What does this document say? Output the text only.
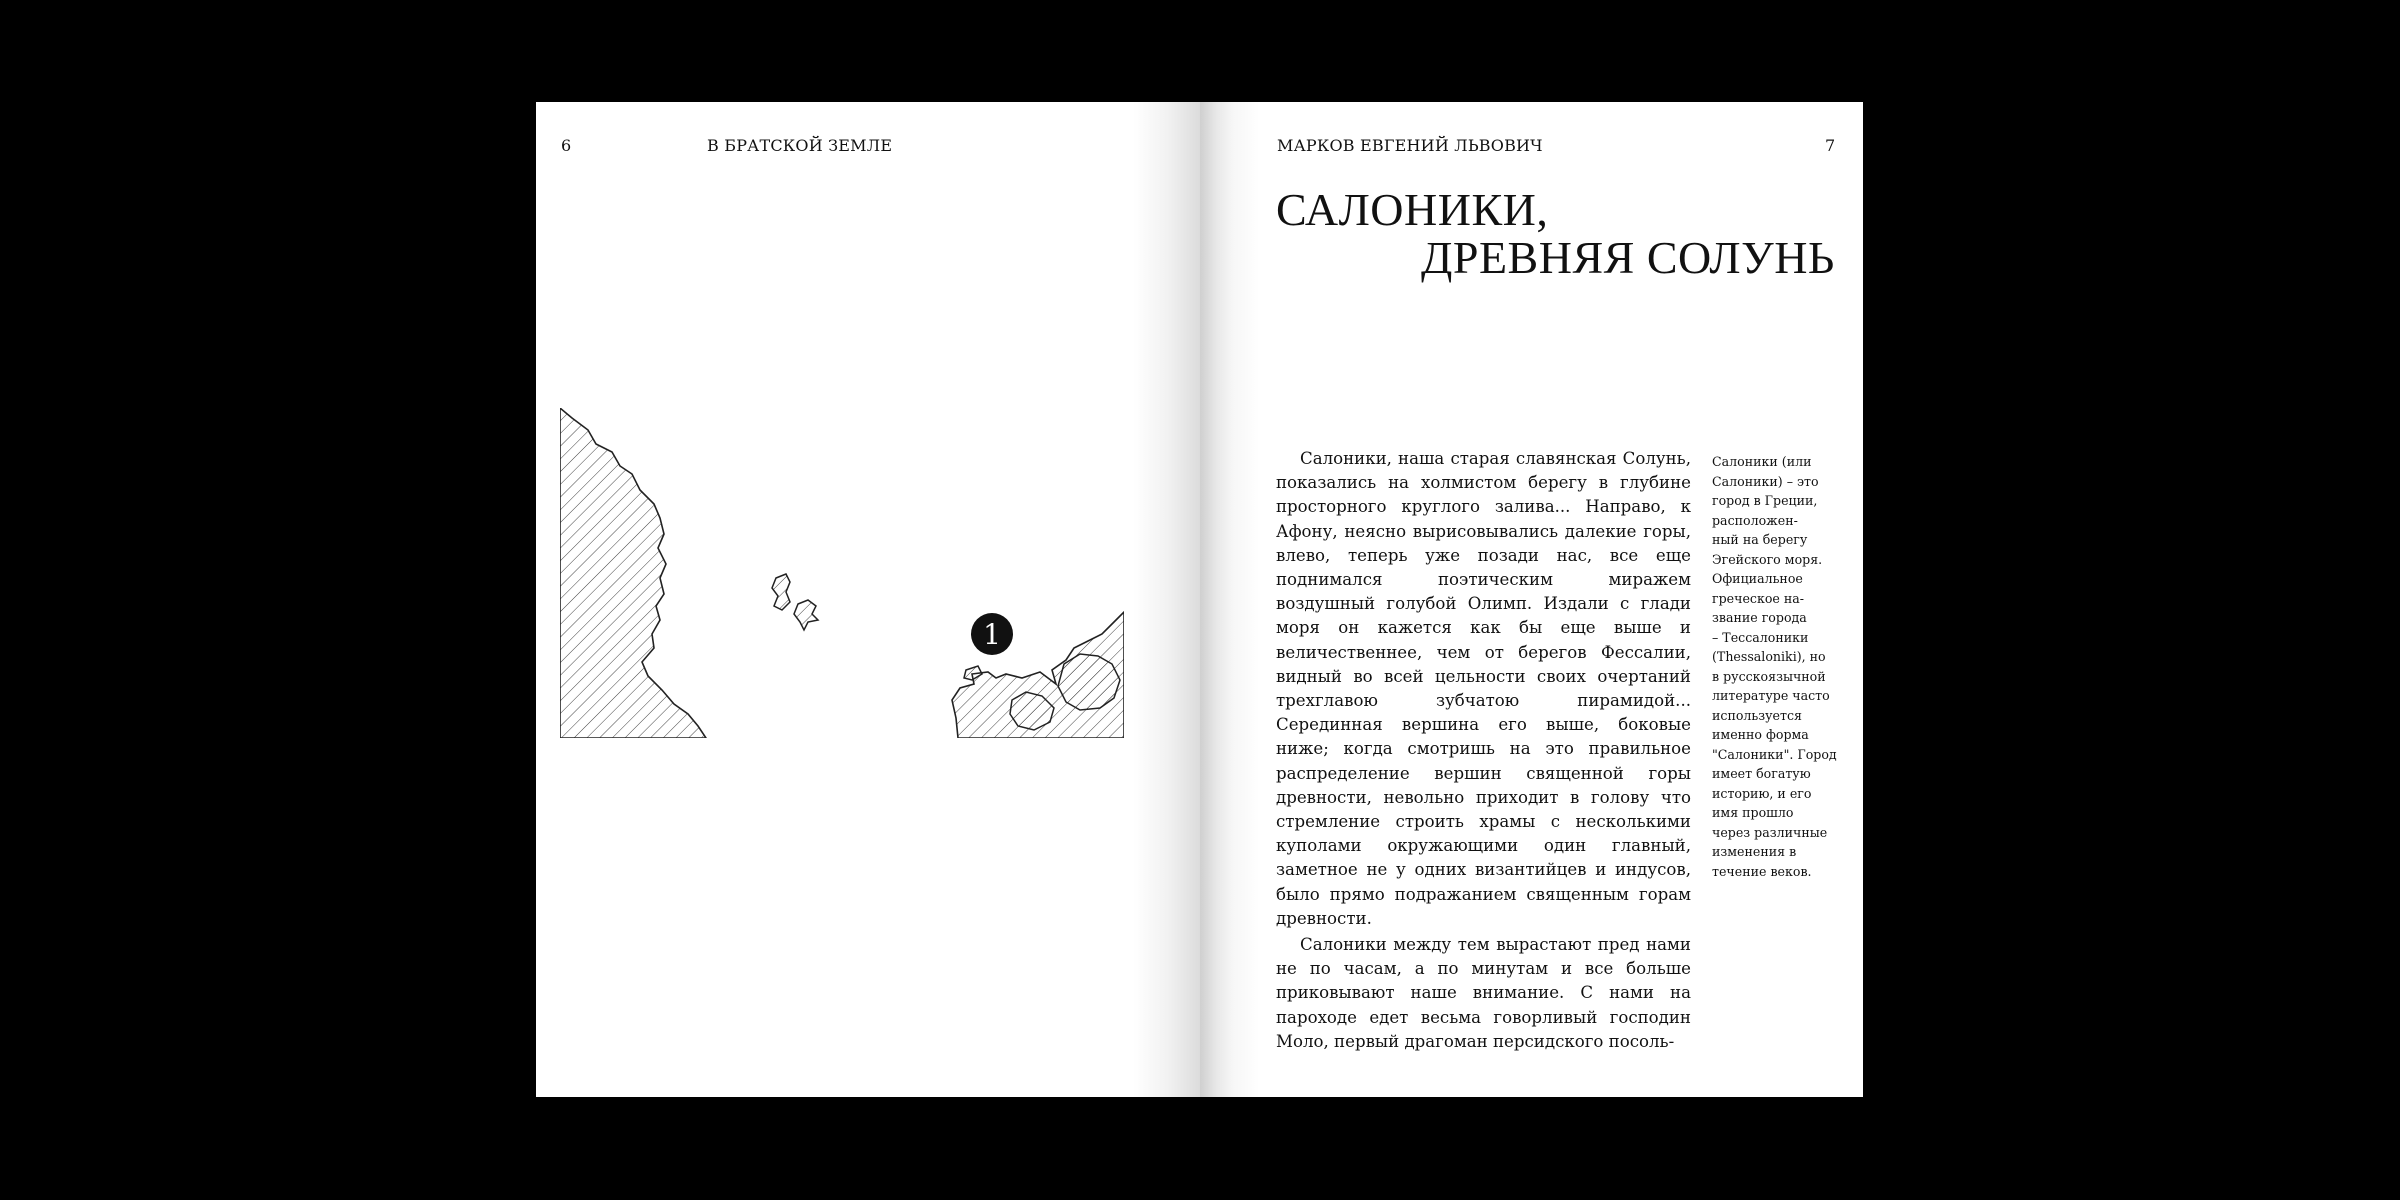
6	В БРАТСКОЙ ЗЕМЛЕ
1
МАРКОВ ЕВГЕНИЙ ЛЬВОВИЧ	7
САЛОНИКИ,
ДРЕВНЯЯ СОЛУНЬ

Салоники, наша старая славянская Солунь, показались на холмистом берегу в глубине просторного круглого залива... Направо, к Афону, неясно вырисовывались далекие горы, влево, теперь уже позади нас, все еще поднимался поэтическим миражем воздушный голубой Олимп. Издали с глади моря он кажется как бы еще выше и величественнее, чем от берегов Фессалии, видный во всей цельности своих очертаний трехглавою зубчатою пирамидой... Серединная вершина его выше, боковые ниже; когда смотришь на это правильное распределение вершин священной горы древности, невольно приходит в голову что стремление строить храмы с несколькими куполами окружающими один главный, заметное не у одних византийцев и индусов, было прямо подражанием священным горам древности.

Салоники между тем вырастают пред нами не по часам, а по минутам и все больше приковывают наше внимание. С нами на пароходе едет весьма говорливый господин Моло, первый драгоман персидского посоль-

Салоники (или
Салоники) – это
город в Греции,
расположен-
ный на берегу
Эгейского моря.
Официальное
греческое на-
звание города
– Тессалоники
(Thessaloniki), но
в русскоязычной
литературе часто
используется
именно форма
"Салоники". Город
имеет богатую
историю, и его
имя прошло
через различные
изменения в
течение веков.
